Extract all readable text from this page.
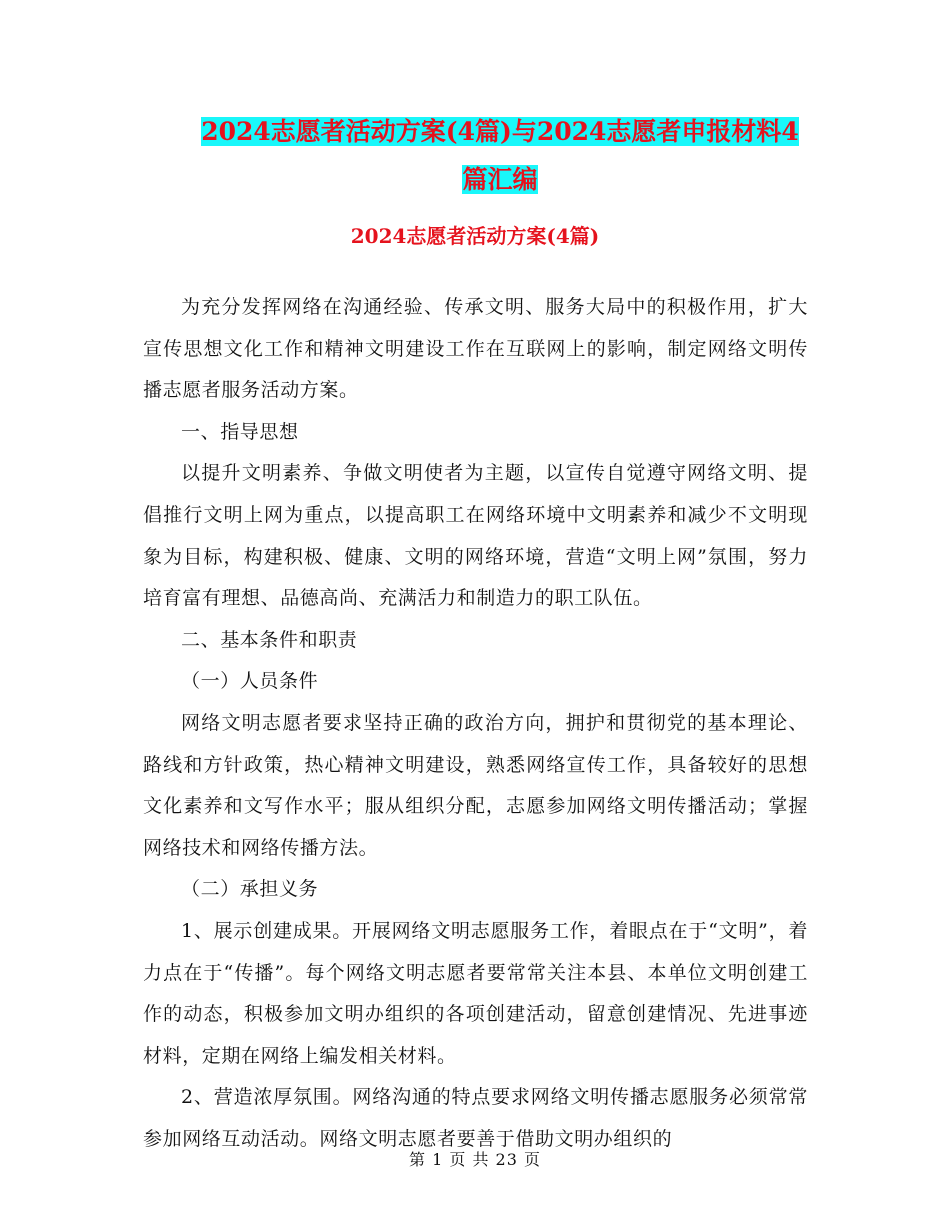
2024志愿者活动方案(4篇)与2024志愿者申报材料4
篇汇编
2024志愿者活动方案(4篇)

为充分发挥网络在沟通经验、传承文明、服务大局中的积极作用，扩大宣传思想文化工作和精神文明建设工作在互联网上的影响，制定网络文明传播志愿者服务活动方案。

一、指导思想

以提升文明素养、争做文明使者为主题，以宣传自觉遵守网络文明、提倡推行文明上网为重点，以提高职工在网络环境中文明素养和减少不文明现象为目标，构建积极、健康、文明的网络环境，营造“文明上网”氛围，努力培育富有理想、品德高尚、充满活力和制造力的职工队伍。

二、基本条件和职责

（一）人员条件

网络文明志愿者要求坚持正确的政治方向，拥护和贯彻党的基本理论、路线和方针政策，热心精神文明建设，熟悉网络宣传工作，具备较好的思想文化素养和文写作水平；服从组织分配，志愿参加网络文明传播活动；掌握网络技术和网络传播方法。

（二）承担义务

1、展示创建成果。开展网络文明志愿服务工作，着眼点在于“文明”，着力点在于“传播”。每个网络文明志愿者要常常关注本县、本单位文明创建工作的动态，积极参加文明办组织的各项创建活动，留意创建情况、先进事迹材料，定期在网络上编发相关材料。

2、营造浓厚氛围。网络沟通的特点要求网络文明传播志愿服务必须常常参加网络互动活动。网络文明志愿者要善于借助文明办组织的

第 1 页 共 23 页
